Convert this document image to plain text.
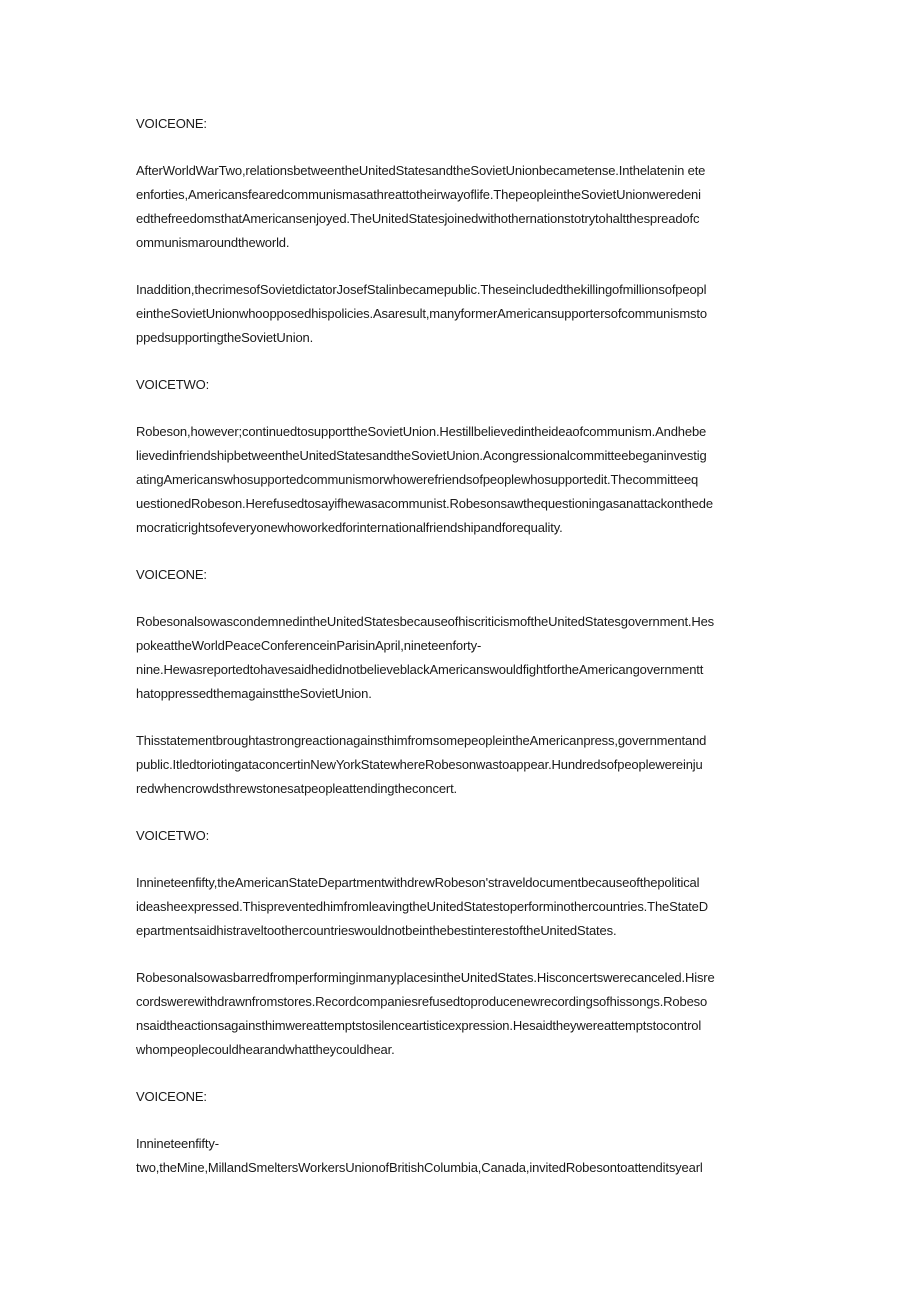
VOICEONE:
AfterWorldWarTwo,relationsbetweentheUnitedStatesandtheSovietUnionbecametense.Inthelatenin ete
enforties,Americansfearedcommunismasathreattotheirwayoflife.ThepeopleintheSovietUnionweredeni
edthefreedomsthatAmericansenjoyed.TheUnitedStatesjoinedwithothernationstotrytohaltthespreadofc
ommunismaroundtheworld.
Inaddition,thecrimesofSovietdictatorJosefStalinbecamepublic.Theseincludedthekillingofmillionsofpeopl
eintheSovietUnionwhoopposedhispolicies.Asaresult,manyformerAmericansupportersofcommunismsto
ppedsupportingtheSovietUnion.
VOICETWO:
Robeson,however;continuedtosupporttheSovietUnion.Hestillbelievedintheideaofcommunism.Andhebe
lievedinfriendshipbetweentheUnitedStatesandtheSovietUnion.Acongressionalcommitteebeganinvestig
atingAmericanswhosupportedcommunismorwhowerefriendsofpeoplewhosupportedit.Thecommitteeq
uestionedRobeson.Herefusedtosayifhewasacommunist.Robesonsawthequestioningasanattackonthede
mocraticrightsofeveryonewhoworkedforinternationalfriendshipandforequality.
VOICEONE:
RobesonalsowascondemnedintheUnitedStatesbecauseofhiscriticismoftheUnitedStatesgovernment.Hes
pokeattheWorldPeaceConferenceinParisinApril,nineteenforty-
nine.HewasreportedtohavesaidhedidnotbelieveblackAmericanswouldfightfortheAmericangovernmentt
hatoppressedthemagainsttheSovietUnion.
ThisstatementbroughtastrongreactionagainsthimfromsomepeopleintheAmericanpress,governmentand
public.ItledtoriotingataconcertinNewYorkStatewhereRobesonwastoappear.Hundredsofpeoplewereinju
redwhencrowdsthrewstonesatpeopleattendingtheconcert.
VOICETWO:
Innineteenfifty,theAmericanStateDepartmentwithdrewRobeson'straveldocumentbecauseofthepolitical
ideasheexpressed.ThispreventedhimfromleavingtheUnitedStatestoperforminothercountries.TheStateD
epartmentsaidhistraveltoothercountrieswouldnotbeinthebestinterestoftheUnitedStates.
RobesonalsowasbarredfromperforminginmanyplacesintheUnitedStates.Hisconcertswerecanceled.Hisre
cordswerewithdrawnfromstores.Recordcompaniesrefusedtoproducenewrecordingsofhissongs.Robeso
nsaidtheactionsagainsthimwereattemptstosilenceartisticexpression.Hesaidtheywereattemptstocontrol
whompeoplecouldhearandwhattheycouldhear.
VOICEONE:
Innineteenfifty-
two,theMine,MillandSmeltersWorkersUnionofBritishColumbia,Canada,invitedRobesontoattenditsyearl
